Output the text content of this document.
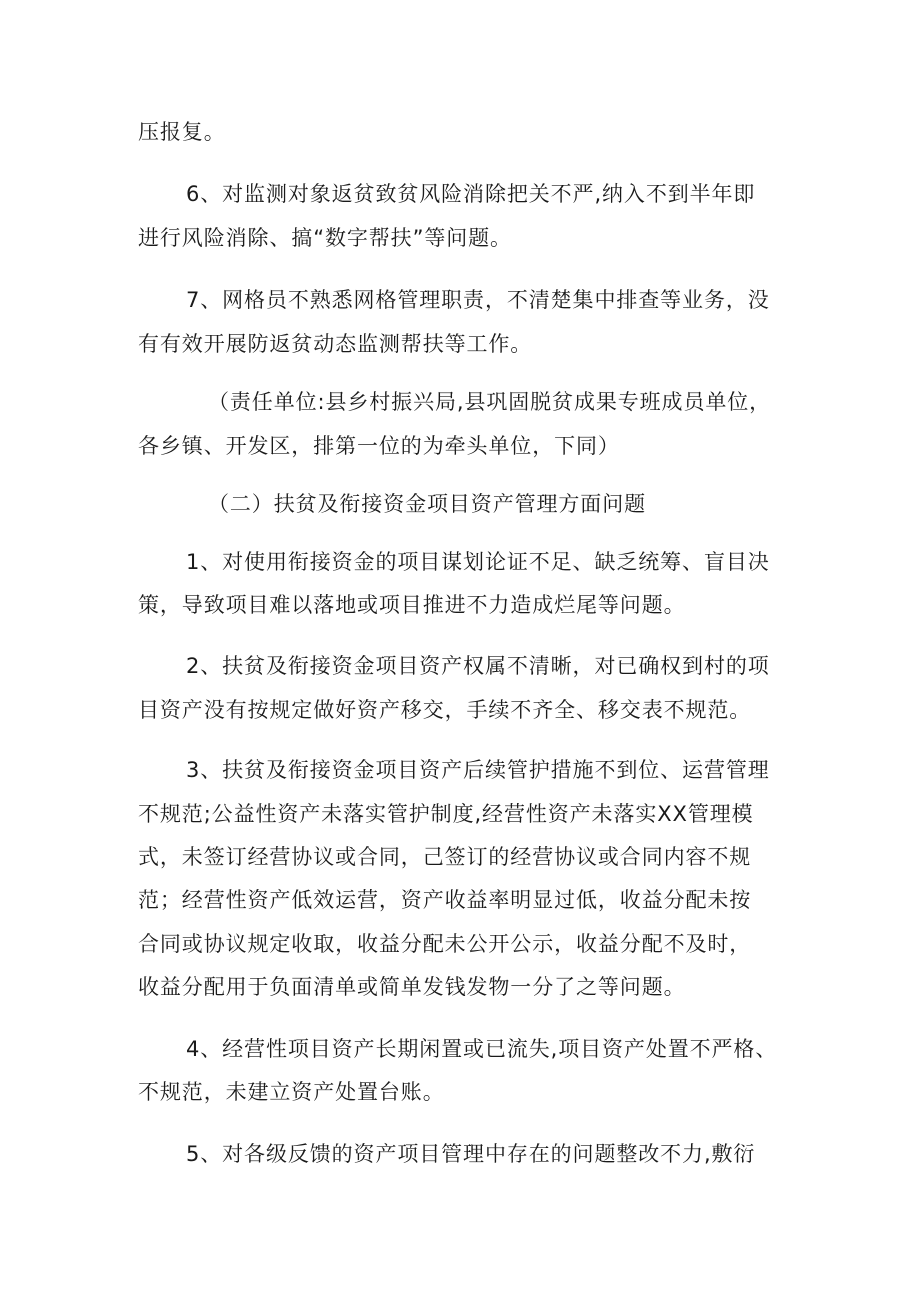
压报复。
6、对监测对象返贫致贫风险消除把关不严,纳入不到半年即
进行风险消除、搞“数字帮扶”等问题。
7、网格员不熟悉网格管理职责，不清楚集中排查等业务，没
有有效开展防返贫动态监测帮扶等工作。
（责任单位:县乡村振兴局,县巩固脱贫成果专班成员单位，
各乡镇、开发区，排第一位的为牵头单位，下同）
（二）扶贫及衔接资金项目资产管理方面问题
1、对使用衔接资金的项目谋划论证不足、缺乏统筹、盲目决
策，导致项目难以落地或项目推进不力造成烂尾等问题。
2、扶贫及衔接资金项目资产权属不清晰，对已确权到村的项
目资产没有按规定做好资产移交，手续不齐全、移交表不规范。
3、扶贫及衔接资金项目资产后续管护措施不到位、运营管理
不规范;公益性资产未落实管护制度,经营性资产未落实XX管理模
式，未签订经营协议或合同，己签订的经营协议或合同内容不规
范；经营性资产低效运营，资产收益率明显过低，收益分配未按
合同或协议规定收取，收益分配未公开公示，收益分配不及时，
收益分配用于负面清单或简单发钱发物一分了之等问题。
4、经营性项目资产长期闲置或已流失,项目资产处置不严格、
不规范，未建立资产处置台账。
5、对各级反馈的资产项目管理中存在的问题整改不力,敷衍
